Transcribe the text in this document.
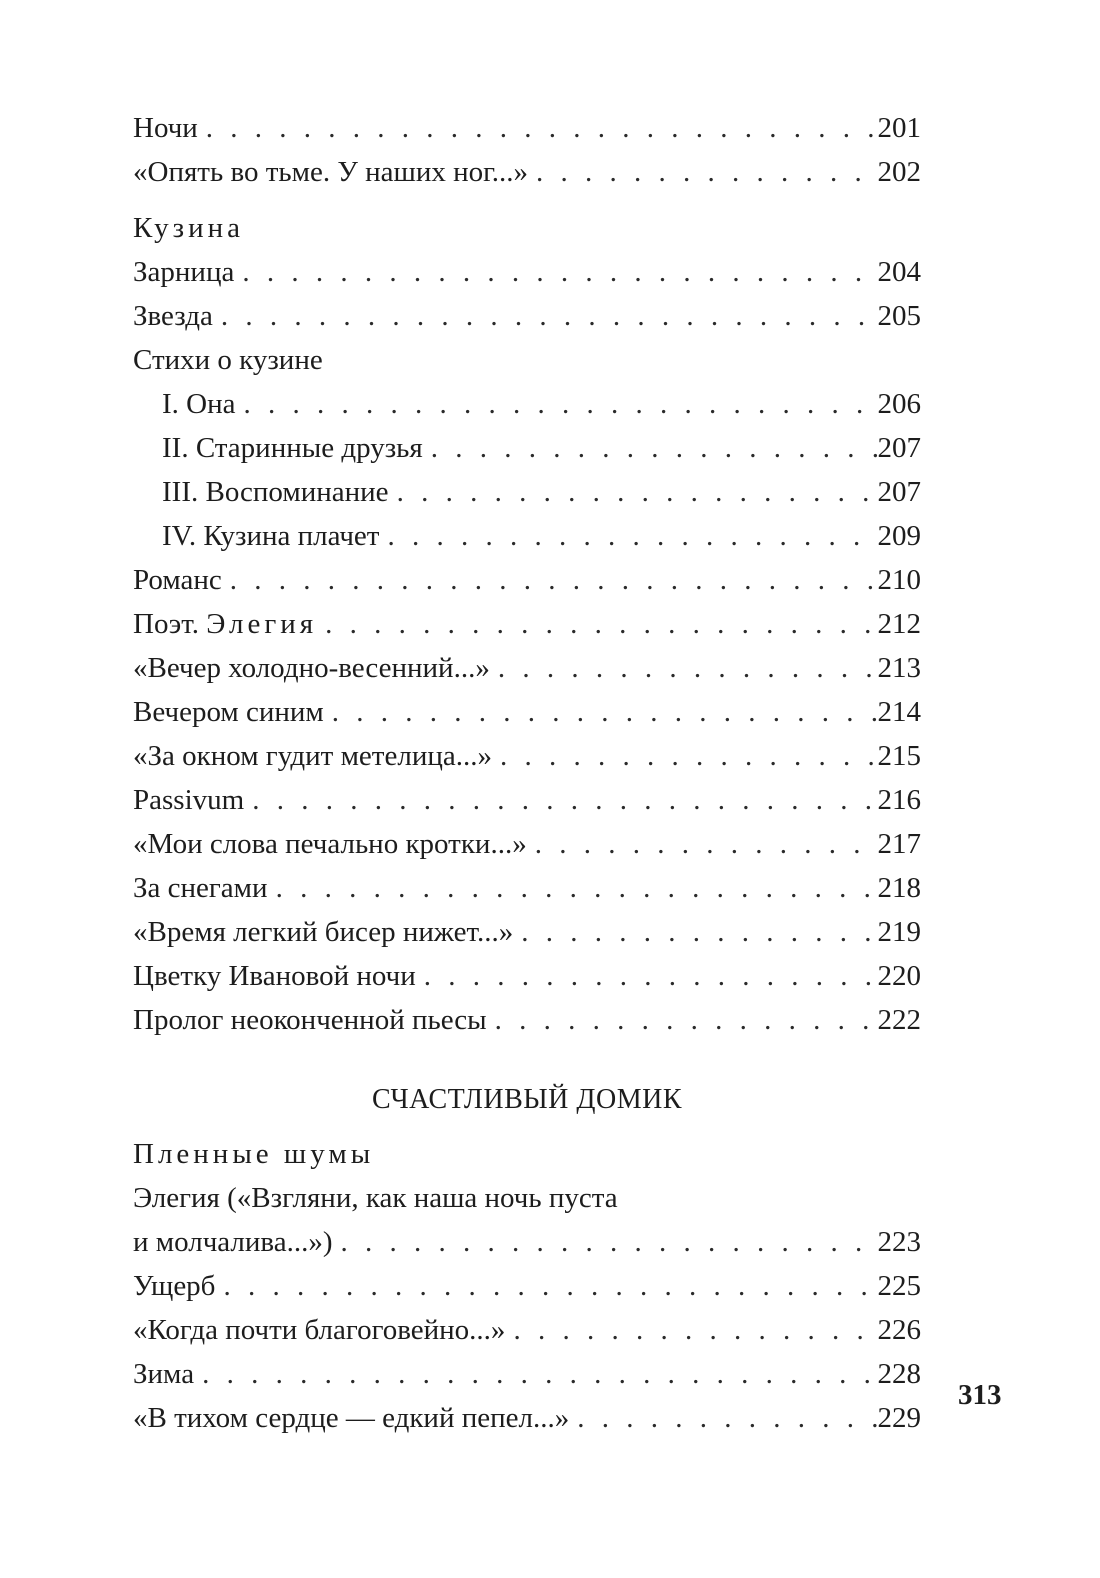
Ночи . . .	201
«Опять во тьме. У наших ног...» . . .	202
Кузина
Зарница . . .	204
Звезда . . .	205
Стихи о кузине
I. Она . . .	206
II. Старинные друзья . . .	207
III. Воспоминание . . .	207
IV. Кузина плачет . . .	209
Романс . . .	210
Поэт. Элегия . . .	212
«Вечер холодно-весенний...» . . .	213
Вечером синим . . .	214
«За окном гудит метелица...» . . .	215
Passivum . . .	216
«Мои слова печально кротки...» . . .	217
За снегами . . .	218
«Время легкий бисер нижет...» . . .	219
Цветку Ивановой ночи . . .	220
Пролог неоконченной пьесы . . .	222
СЧАСТЛИВЫЙ ДОМИК
Пленные шумы
Элегия («Взгляни, как наша ночь пуста
и молчалива...») . . .	223
Ущерб . . .	225
«Когда почти благоговейно...» . . .	226
Зима . . .	228
«В тихом сердце — едкий пепел...» . . .	229
313
